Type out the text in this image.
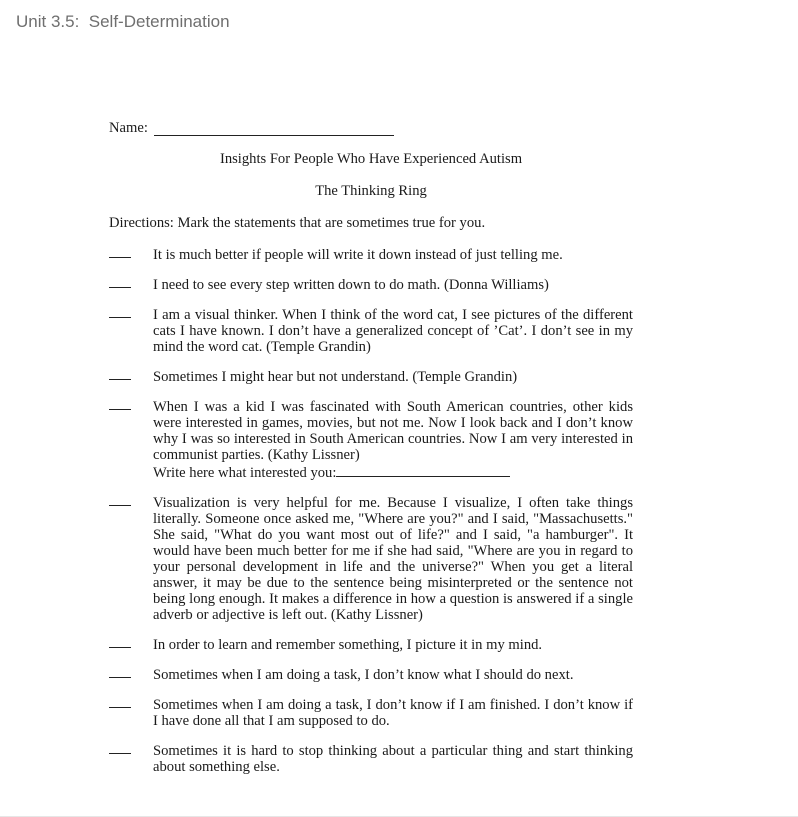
Unit 3.5:  Self-Determination
Name:
Insights For People Who Have Experienced Autism
The Thinking Ring
Directions: Mark the statements that are sometimes true for you.
It is much better if people will write it down instead of just telling me.
I need to see every step written down to do math. (Donna Williams)
I am a visual thinker. When I think of the word cat, I see pictures of the different cats I have known. I don’t have a generalized concept of ’Cat’. I don’t see in my mind the word cat. (Temple Grandin)
Sometimes I might hear but not understand. (Temple Grandin)
When I was a kid I was fascinated with South American countries, other kids were interested in games, movies, but not me. Now I look back and I don’t know why I was so interested in South American countries. Now I am very interested in communist parties. (Kathy Lissner)
Write here what interested you:
Visualization is very helpful for me. Because I visualize, I often take things literally. Someone once asked me, "Where are you?" and I said, "Massachusetts." She said, "What do you want most out of life?" and I said, "a hamburger". It would have been much better for me if she had said, "Where are you in regard to your personal development in life and the universe?" When you get a literal answer, it may be due to the sentence being misinterpreted or the sentence not being long enough. It makes a difference in how a question is answered if a single adverb or adjective is left out. (Kathy Lissner)
In order to learn and remember something, I picture it in my mind.
Sometimes when I am doing a task, I don’t know what I should do next.
Sometimes when I am doing a task, I don’t know if I am finished. I don’t know if I have done all that I am supposed to do.
Sometimes it is hard to stop thinking about a particular thing and start thinking about something else.
